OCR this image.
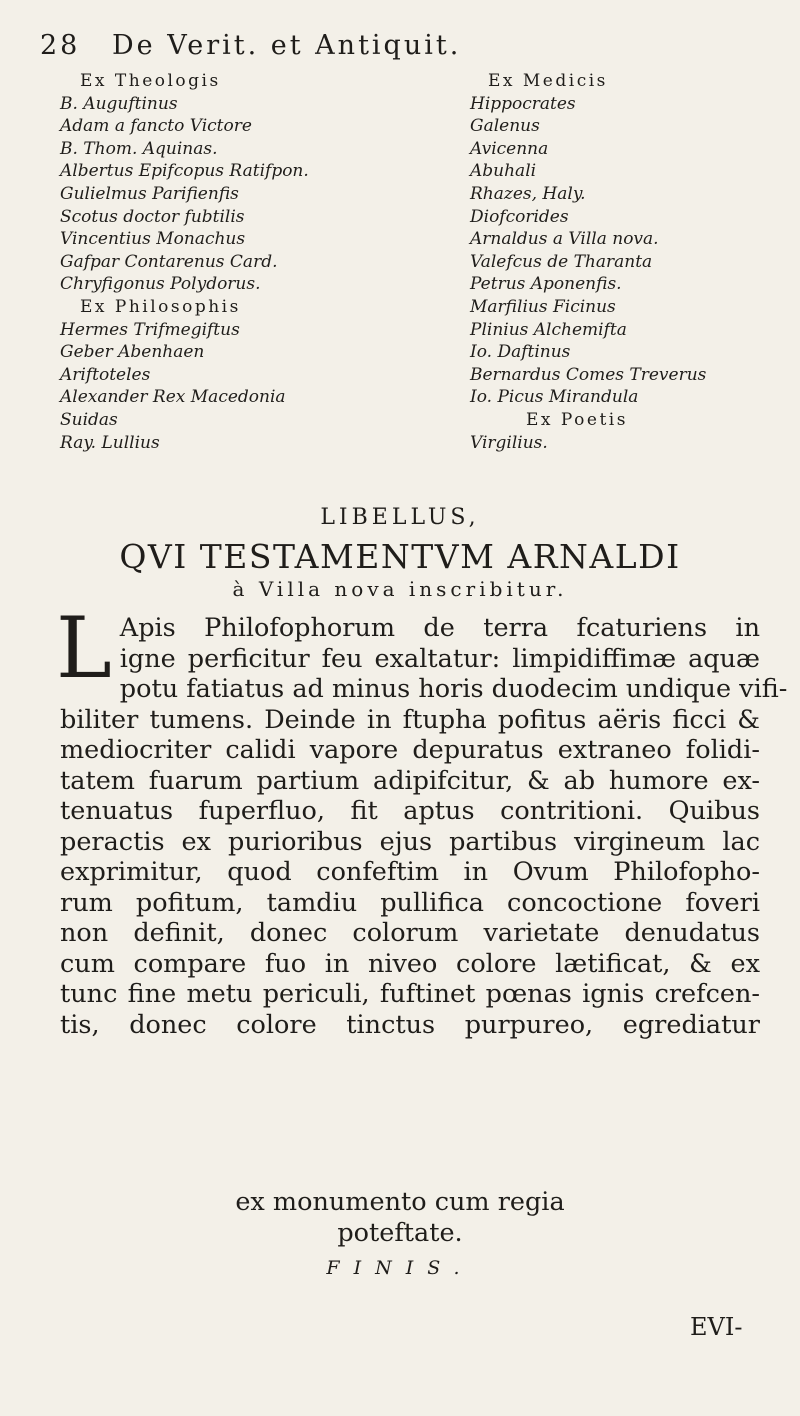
28 De Verit. et Antiquit.
Ex Theologis
B. Auguftinus
Adam a fancto Victore
B. Thom. Aquinas.
Albertus Epifcopus Ratifpon.
Gulielmus Parifienfis
Scotus doctor fubtilis
Vincentius Monachus
Gafpar Contarenus Card.
Chryfigonus Polydorus.
Ex Philosophis
Hermes Trifmegiftus
Geber Abenhaen
Ariftoteles
Alexander Rex Macedonia
Suidas
Ray. Lullius
Ex Medicis
Hippocrates
Galenus
Avicenna
Abuhali
Rhazes, Haly.
Diofcorides
Arnaldus a Villa nova.
Valefcus de Tharanta
Petrus Aponenfis.
Marfilius Ficinus
Plinius Alchemifta
Io. Daftinus
Bernardus Comes Treverus
Io. Picus Mirandula
Ex Poetis
Virgilius.
LIBELLUS,
QVI TESTAMENTVM ARNALDI
à Villa nova inscribitur.
L Apis Philofophorum de terra fcaturiens in
igne perficitur feu exaltatur: limpidiffimæ aquæ
potu fatiatus ad minus horis duodecim undique vifi-
biliter tumens. Deinde in ftupha pofitus aëris ficci &
mediocriter calidi vapore depuratus extraneo folidi-
tatem fuarum partium adipifcitur, & ab humore ex-
tenuatus fuperfluo, fit aptus contritioni. Quibus
peractis ex purioribus ejus partibus virgineum lac
exprimitur, quod confeftim in Ovum Philofopho-
rum pofitum, tamdiu pullifica concoctione foveri
non definit, donec colorum varietate denudatus
cum compare fuo in niveo colore lætificat, & ex
tunc fine metu periculi, fuftinet pœnas ignis crefcen-
tis, donec colore tinctus purpureo, egrediatur
ex monumento cum regia
poteftate.
FINIS.
EVI-
